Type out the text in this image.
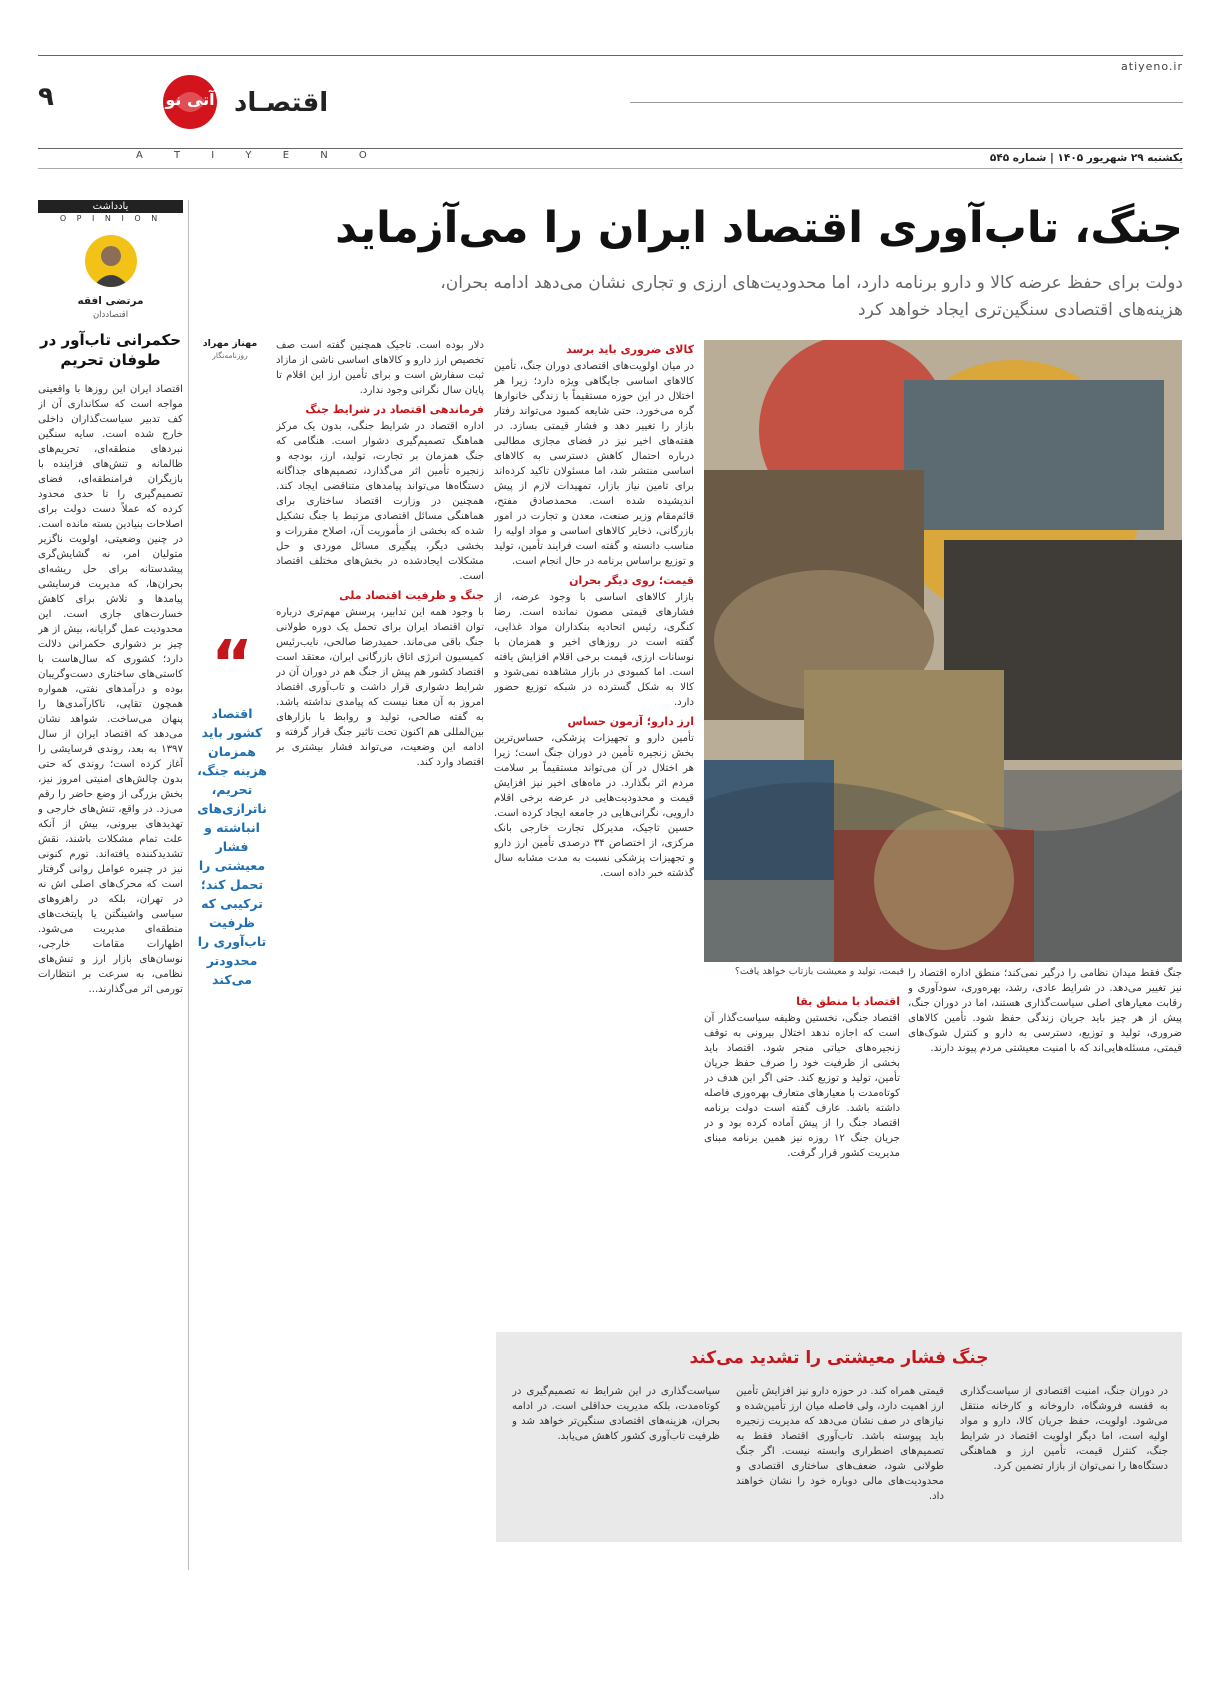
۹	آتی نو اقتصـاد
atiyeno.ir
A T I Y E N O	یکشنبه ۲۹ شهریور ۱۴۰۵ | شماره ۵۴۵
یادداشت
O P I N I O N
مرتضی افقه
اقتصاددان
حکمرانی تاب‌آور در طوفان تحریم
اقتصاد ایران این روزها با واقعیتی مواجه است که سکانداری آن از کف تدبیر سیاست‌گذاران داخلی خارج شده است. سایه سنگین نبردهای منطقه‌ای، تحریم‌های ظالمانه و تنش‌های فزاینده با بازیگران فرامنطقه‌ای، فضای تصمیم‌گیری را تا حدی محدود کرده که عملاً دست دولت برای اصلاحات بنیادین بسته مانده است. در چنین وضعیتی، اولویت ناگزیر متولیان امر، نه گشایش‌گری پیشدستانه برای حل ریشه‌ای بحران‌ها، که مدیریت فرسایشی پیامدها و تلاش برای کاهش خسارت‌های جاری است. این محدودیت عمل گرایانه، بیش از هر چیز بر دشواری حکمرانی دلالت دارد؛ کشوری که سال‌هاست با کاستی‌های ساختاری دست‌وگریبان بوده و درآمدهای نفتی، همواره همچون تقاپی، ناکارآمدی‌ها را پنهان می‌ساخت. شواهد نشان می‌دهد که اقتصاد ایران از سال ۱۳۹۷ به بعد، روندی فرسایشی را آغاز کرده است؛ روندی که حتی بدون چالش‌های امنیتی امروز نیز، بخش بزرگی از وضع حاضر را رقم می‌زد. در واقع، تنش‌های خارجی و تهدیدهای بیرونی، بیش از آنکه علت تمام مشکلات باشند، نقش تشدیدکننده یافته‌اند. تورم کنونی نیز در چنبره عوامل روانی گرفتار است که محرک‌های اصلی اش نه در تهران، بلکه در راهروهای سیاسی واشینگتن یا پایتخت‌های منطقه‌ای مدیریت می‌شود. اظهارات مقامات خارجی، نوسان‌های بازار ارز و تنش‌های نظامی، به سرعت بر انتظارات تورمی اثر می‌گذارند...
جنگ، تاب‌آوری اقتصاد ایران را می‌آزماید
دولت برای حفظ عرضه کالا و دارو برنامه دارد، اما محدودیت‌های ارزی و تجاری نشان می‌دهد ادامه بحران، هزینه‌های اقتصادی سنگین‌تری ایجاد خواهد کرد
مهناز مهراد
روزنامه‌نگار
“
اقتصاد کشور باید همزمان هزینه جنگ، تحریم، ناترازی‌های انباشته و فشار معیشتی را تحمل کند؛ ترکیبی که ظرفیت تاب‌آوری را محدودتر می‌کند

دلار بوده است. تاجیک همچنین گفته است صف تخصیص ارز دارو و کالاهای اساسی ناشی از مازاد ثبت سفارش است و برای تأمین ارز این اقلام تا پایان سال نگرانی وجود ندارد.

فرماندهی اقتصاد در شرایط جنگ

اداره اقتصاد در شرایط جنگی، بدون یک مرکز هماهنگ تصمیم‌گیری دشوار است. هنگامی که جنگ همزمان بر تجارت، تولید، ارز، بودجه و زنجیره تأمین اثر می‌گذارد، تصمیم‌های جداگانه دستگاه‌ها می‌تواند پیامدهای متناقضی ایجاد کند. همچنین در وزارت اقتصاد ساختاری برای هماهنگی مسائل اقتصادی مرتبط با جنگ تشکیل شده که بخشی از مأموریت آن، اصلاح مقررات و بخشی دیگر، پیگیری مسائل موردی و حل مشکلات ایجادشده در بخش‌های مختلف اقتصاد است.

جنگ و ظرفیت اقتصاد ملی

با وجود همه این تدابیر، پرسش مهم‌تری درباره توان اقتصاد ایران برای تحمل یک دوره طولانی جنگ باقی می‌ماند. حمیدرضا صالحی، نایب‌رئیس کمیسیون انرژی اتاق بازرگانی ایران، معتقد است اقتصاد کشور هم پیش از جنگ هم در دوران آن در شرایط دشواری قرار داشت و تاب‌آوری اقتصاد امروز به آن معنا نیست که پیامدی نداشته باشد. به گفته صالحی، تولید و روابط با بازارهای بین‌المللی هم اکنون تحت تاثیر جنگ قرار گرفته و ادامه این وضعیت، می‌تواند فشار بیشتری بر اقتصاد وارد کند.

کالای ضروری باید برسد

در میان اولویت‌های اقتصادی دوران جنگ، تأمین کالاهای اساسی جایگاهی ویژه دارد؛ زیرا هر اختلال در این حوزه مستقیماً با زندگی خانوارها گره می‌خورد. حتی شایعه کمبود می‌تواند رفتار بازار را تغییر دهد و فشار قیمتی بسازد. در هفته‌های اخیر نیز در فضای مجازی مطالبی درباره احتمال کاهش دسترسی به کالاهای اساسی منتشر شد، اما مسئولان تاکید کرده‌اند برای تامین نیاز بازار، تمهیدات لازم از پیش اندیشیده شده است. محمدصادق مفتح، قائم‌مقام وزیر صنعت، معدن و تجارت در امور بازرگانی، ذخایر کالاهای اساسی و مواد اولیه را مناسب دانسته و گفته است فرایند تأمین، تولید و توزیع براساس برنامه در حال انجام است.

قیمت؛ روی دیگر بحران

بازار کالاهای اساسی با وجود عرضه، از فشارهای قیمتی مصون نمانده است. رضا کنگری، رئیس اتحادیه بنکداران مواد غذایی، گفته است در روزهای اخیر و همزمان با نوسانات ارزی، قیمت برخی اقلام افزایش یافته است. اما کمبودی در بازار مشاهده نمی‌شود و کالا به شکل گسترده در شبکه توزیع حضور دارد.

ارز دارو؛ آزمون حساس

تأمین دارو و تجهیزات پزشکی، حساس‌ترین بخش زنجیره تأمین در دوران جنگ است؛ زیرا هر اختلال در آن می‌تواند مستقیماً بر سلامت مردم اثر بگذارد. در ماه‌های اخیر نیز افزایش قیمت و محدودیت‌هایی در عرضه برخی اقلام دارویی، نگرانی‌هایی در جامعه ایجاد کرده است. حسین تاجیک، مدیرکل تجارت خارجی بانک مرکزی، از اختصاص ۳۴ درصدی تأمین ارز دارو و تجهیزات پزشکی نسبت به مدت مشابه سال گذشته خبر داده است.

قیمت، تولید و معیشت بازتاب خواهد یافت؟ جنگ فقط میدان نظامی را درگیر نمی‌کند؛ منطق اداره اقتصاد را نیز تغییر می‌دهد. در شرایط عادی، رشد، بهره‌وری، سودآوری و رقابت معیارهای اصلی سیاست‌گذاری هستند، اما در دوران جنگ، پیش از هر چیز باید جریان زندگی حفظ شود. تأمین کالاهای ضروری، تولید و توزیع، دسترسی به دارو و کنترل شوک‌های قیمتی، مسئله‌هایی‌اند که با امنیت معیشتی مردم پیوند دارند.

اقتصاد با منطق بقا

اقتصاد جنگی، نخستین وظیفه سیاست‌گذار آن است که اجازه ندهد اختلال بیرونی به توقف زنجیره‌های حیاتی منجر شود. اقتصاد باید بخشی از ظرفیت خود را صرف حفظ جریان تأمین، تولید و توزیع کند. حتی اگر این هدف در کوتاه‌مدت با معیارهای متعارف بهره‌وری فاصله داشته باشد. عارف گفته است دولت برنامه اقتصاد جنگ را از پیش آماده کرده بود و در جریان جنگ ۱۲ روزه نیز همین برنامه مبنای مدیریت کشور قرار گرفت.

جنگ فشار معیشتی را تشدید می‌کند
در دوران جنگ، امنیت اقتصادی از سیاست‌گذاری به قفسه فروشگاه، داروخانه و کارخانه منتقل می‌شود. اولویت، حفظ جریان کالا، دارو و مواد اولیه است، اما دیگر اولویت اقتصاد در شرایط جنگ، کنترل قیمت، تأمین ارز و هماهنگی دستگاه‌ها را نمی‌توان از بازار تضمین کرد.
قیمتی همراه کند. در حوزه دارو نیز افزایش تأمین ارز اهمیت دارد، ولی فاصله میان ارز تأمین‌شده و نیازهای در صف نشان می‌دهد که مدیریت زنجیره باید پیوسته باشد. تاب‌آوری اقتصاد فقط به تصمیم‌های اضطراری وابسته نیست. اگر جنگ طولانی شود، ضعف‌های ساختاری اقتصادی و محدودیت‌های مالی دوباره خود را نشان خواهند داد.
سیاست‌گذاری در این شرایط نه تصمیم‌گیری در کوتاه‌مدت، بلکه مدیریت حداقلی است. در ادامه بحران، هزینه‌های اقتصادی سنگین‌تر خواهد شد و ظرفیت تاب‌آوری کشور کاهش می‌یابد.
